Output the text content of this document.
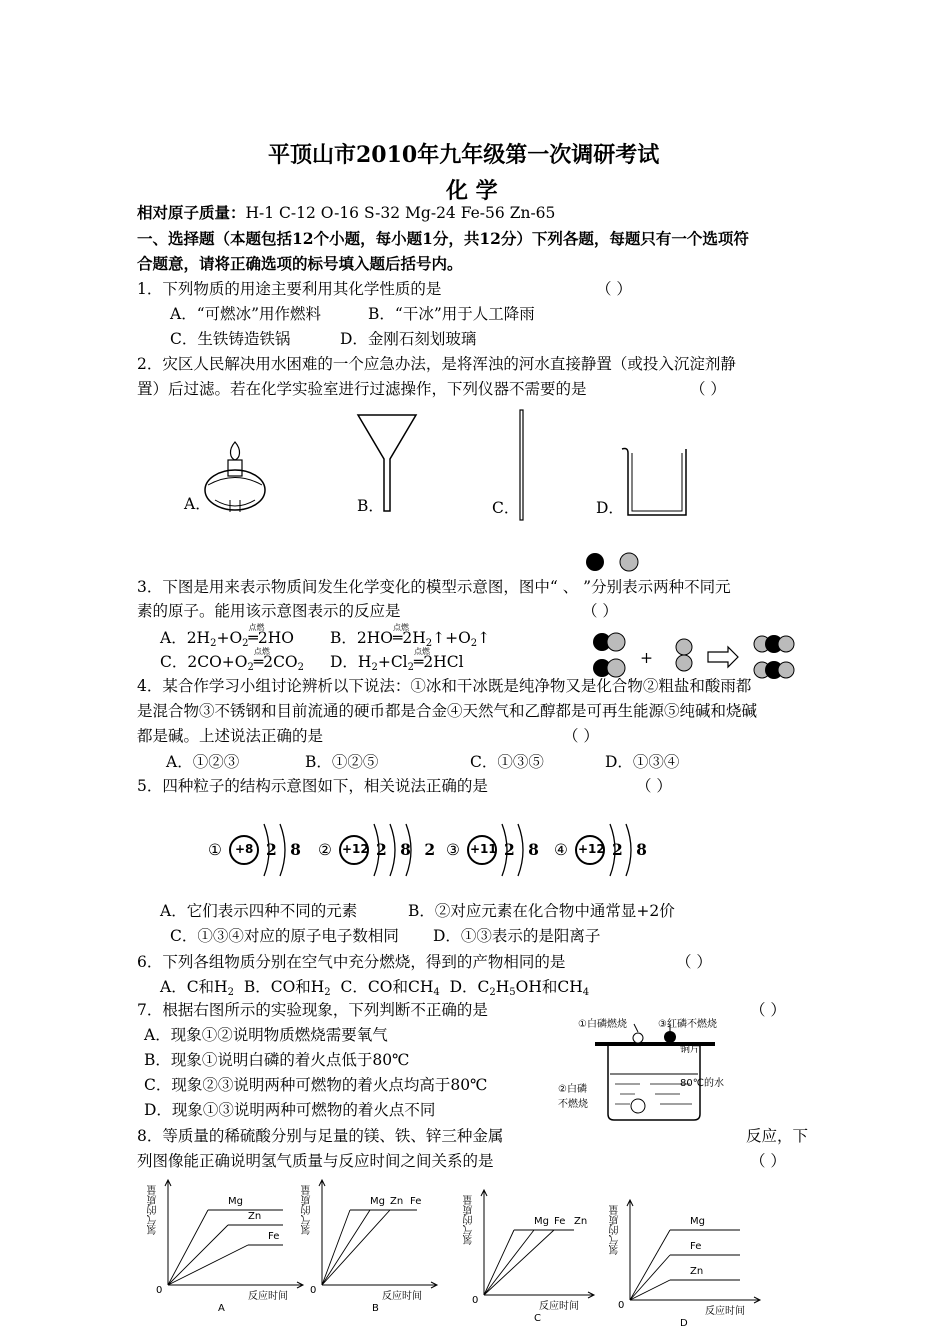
平顶山市2010年九年级第一次调研考试
化 学
相对原子质量：H-1 C-12 O-16 S-32 Mg-24 Fe-56 Zn-65
一、选择题（本题包括12个小题，每小题1分，共12分）下列各题，每题只有一个选项符
合题意，请将正确选项的标号填入题后括号内。
1．下列物质的用途主要利用其化学性质的是	（ ）
A．“可燃冰”用作燃料	B．“干冰”用于人工降雨
C．生铁铸造铁锅	D．金刚石刻划玻璃
2．灾区人民解决用水困难的一个应急办法，是将浑浊的河水直接静置（或投入沉淀剂静
置）后过滤。若在化学实验室进行过滤操作，下列仪器不需要的是	（ ）
A．	B．	C．	D．
3．下图是用来表示物质间发生化学变化的模型示意图，图中“ 、 ”分别表示两种不同元
素的原子。能用该示意图表示的反应是	（ ）
A．$2H_2+O_2$
点燃
═2HO B．2HO
点燃
$═2H_2↑+O_2↑$
C．$2CO+O_2$
点燃
$═2CO_2$ D．$H_2+Cl_2$
点燃
═2HCl	+
4．某合作学习小组讨论辨析以下说法：①冰和干冰既是纯净物又是化合物②粗盐和酸雨都
是混合物③不锈钢和目前流通的硬币都是合金④天然气和乙醇都是可再生能源⑤纯碱和烧碱
都是碱。上述说法正确的是	（ ）
A．①②③	B．①②⑤	C．①③⑤	D．①③④
5．四种粒子的结构示意图如下，相关说法正确的是	（ ）
① +8 2 8 ② +12 2 8 2 ③ +11 2 8 ④ +12 2 8
A．它们表示四种不同的元素	B．②对应元素在化合物中通常显+2价
C．①③④对应的原子电子数相同 D．①③表示的是阳离子
6．下列各组物质分别在空气中充分燃烧，得到的产物相同的是	（ ）
A．C和$H_2$ B．CO和$H_2$ C．CO和$CH_4$ D．$C_2H_5OH$和$CH_4$
7．根据右图所示的实验现象，下列判断不正确的是	（ ）
A．现象①②说明物质燃烧需要氧气
B．现象①说明白磷的着火点低于80℃
C．现象②③说明两种可燃物的着火点均高于80℃
D．现象①③说明两种可燃物的着火点不同
①白磷燃烧	③红磷不燃烧
铜片
80℃的水
②白磷
不燃烧
8．等质量的稀硫酸分别与足量的镁、铁、锌三种金属	反应，下
列图像能正确说明氢气质量与反应时间之间关系的是	（ ）
Mg
Zn
Fe
氢气的质量
反应时间
0
A
Mg Zn Fe
氢气的质量
反应时间
0
B
Mg Fe Zn
氢气的质量
反应时间
0
C
Mg
Fe
Zn
氢气的质量
反应时间
0
D
